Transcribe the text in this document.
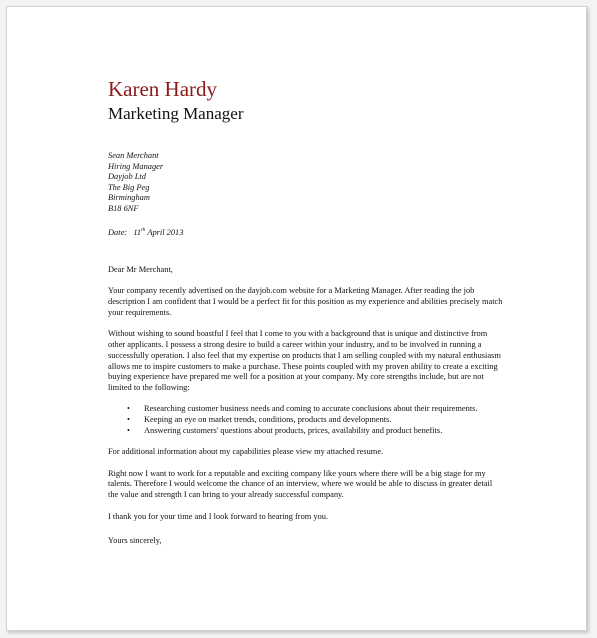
Karen Hardy
Marketing Manager
Sean Merchant
Hiring Manager
Dayjob Ltd
The Big Peg
Birmingham
B18 6NF
Date: 11th April 2013

Dear Mr Merchant,

Your company recently advertised on the dayjob.com website for a Marketing Manager. After reading the job description I am confident that I would be a perfect fit for this position as my experience and abilities precisely match your requirements.

Without wishing to sound boastful I feel that I come to you with a background that is unique and distinctive from other applicants. I possess a strong desire to build a career within your industry, and to be involved in running a successfully operation. I also feel that my expertise on products that I am selling coupled with my natural enthusiasm allows me to inspire customers to make a purchase. These points coupled with my proven ability to create a exciting buying experience have prepared me well for a position at your company. My core strengths include, but are not limited to the following:

• Researching customer business needs and coming to accurate conclusions about their requirements.
• Keeping an eye on market trends, conditions, products and developments.
• Answering customers' questions about products, prices, availability and product benefits.

For additional information about my capabilities please view my attached resume.

Right now I want to work for a reputable and exciting company like yours where there will be a big stage for my talents. Therefore I would welcome the chance of an interview, where we would be able to discuss in greater detail the value and strength I can bring to your already successful company.

I thank you for your time and I look forward to hearing from you.

Yours sincerely,
